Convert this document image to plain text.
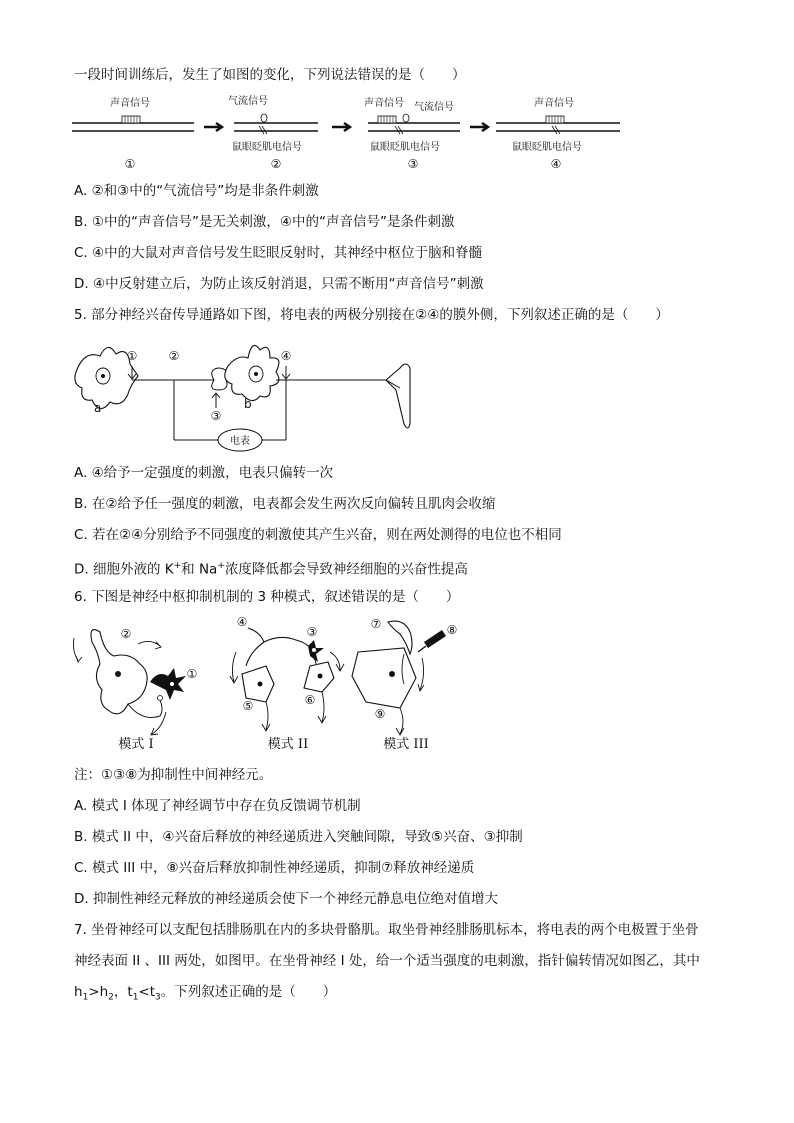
一段时间训练后，发生了如图的变化，下列说法错误的是（　　）
声音信号
①
气流信号
鼠眼眨肌电信号
②
声音信号 气流信号
鼠眼眨肌电信号
③
声音信号
鼠眼眨肌电信号
④
A. ②和③中的“气流信号”均是非条件刺激
B. ①中的“声音信号”是无关刺激，④中的“声音信号”是条件刺激
C. ④中的大鼠对声音信号发生眨眼反射时，其神经中枢位于脑和脊髓
D. ④中反射建立后，为防止该反射消退，只需不断用“声音信号”刺激
5. 部分神经兴奋传导通路如下图，将电表的两极分别接在②④的膜外侧，下列叙述正确的是（　　）
a	b
①	②
③
④
电表
A. ④给予一定强度的刺激，电表只偏转一次
B. 在②给予任一强度的刺激，电表都会发生两次反向偏转且肌肉会收缩
C. 若在②④分别给予不同强度的刺激使其产生兴奋，则在两处测得的电位也不相同
D. 细胞外液的 K+和 Na+浓度降低都会导致神经细胞的兴奋性提高
6. 下图是神经中枢抑制机制的 3 种模式，叙述错误的是（　　）
②
①
模式 I
④
③
⑤	⑥
模式 II
⑦	⑧
⑨
模式 III
注：①③⑧为抑制性中间神经元。
A. 模式 I 体现了神经调节中存在负反馈调节机制
B. 模式 II 中，④兴奋后释放的神经递质进入突触间隙，导致⑤兴奋、③抑制
C. 模式 III 中，⑧兴奋后释放抑制性神经递质，抑制⑦释放神经递质
D. 抑制性神经元释放的神经递质会使下一个神经元静息电位绝对值增大
7. 坐骨神经可以支配包括腓肠肌在内的多块骨骼肌。取坐骨神经腓肠肌标本，将电表的两个电极置于坐骨
神经表面 II 、III 两处，如图甲。在坐骨神经 I 处，给一个适当强度的电刺激，指针偏转情况如图乙，其中
$h_1>h_2$，$t_1<t_3$。下列叙述正确的是（　　）
